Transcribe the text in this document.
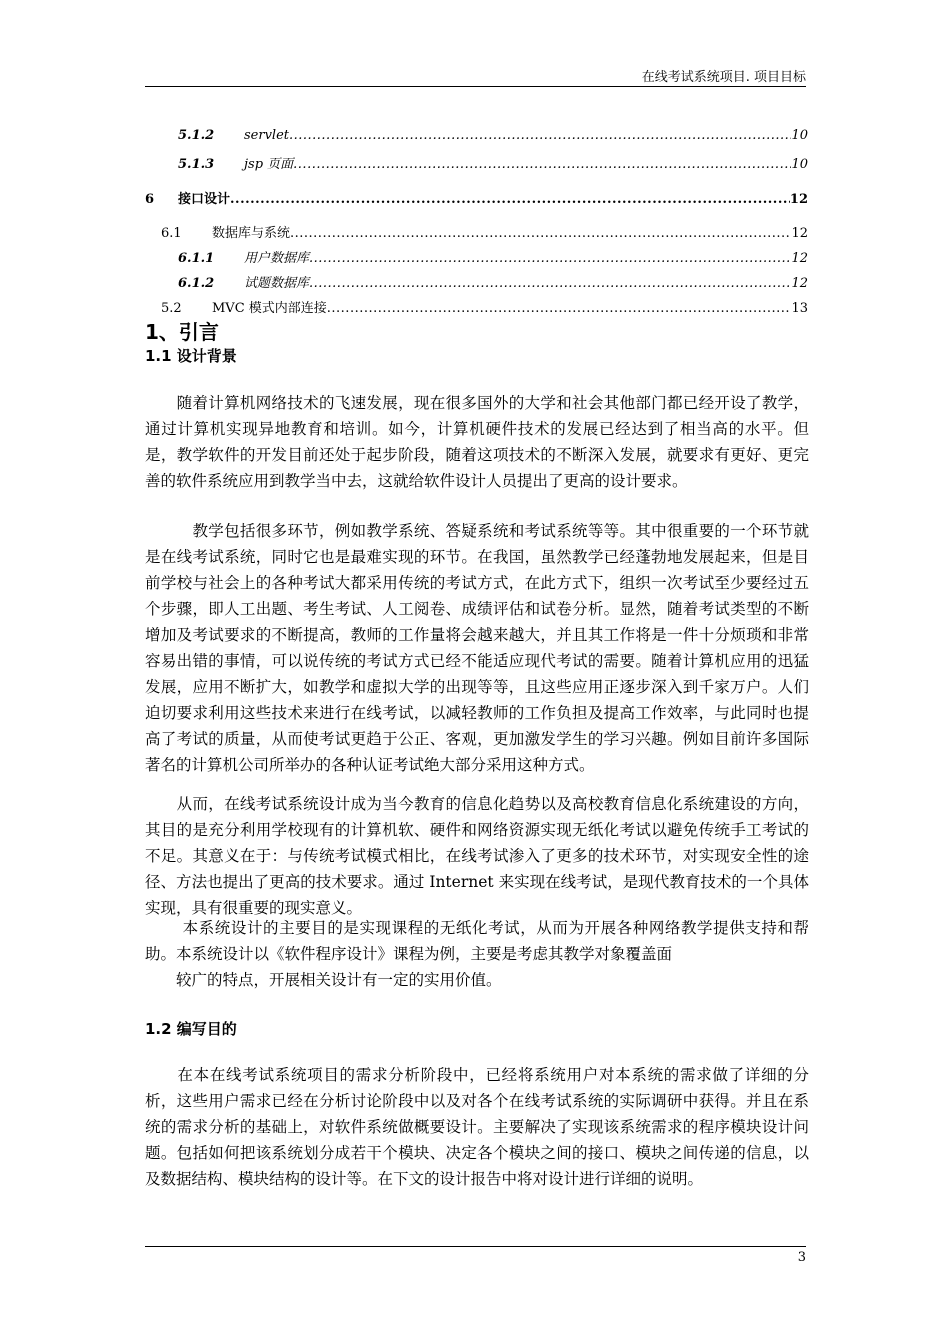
在线考试系统项目. 项目目标
5.1.2	servlet .....	10
5.1.3	jsp 页面 .....	10
6	接口设计 .....	12
6.1	数据库与系统 .....	12
6.1.1	用户数据库 .....	12
6.1.2	试题数据库 .....	12
5.2	MVC 模式内部连接 .....	13
1、引言
1.1 设计背景
　　随着计算机网络技术的飞速发展，现在很多国外的大学和社会其他部门都已经开设了教学，通过计算机实现异地教育和培训。如今，计算机硬件技术的发展已经达到了相当高的水平。但是，教学软件的开发目前还处于起步阶段，随着这项技术的不断深入发展，就要求有更好、更完善的软件系统应用到教学当中去，这就给软件设计人员提出了更高的设计要求。
　　　教学包括很多环节，例如教学系统、答疑系统和考试系统等等。其中很重要的一个环节就是在线考试系统，同时它也是最难实现的环节。在我国，虽然教学已经蓬勃地发展起来，但是目前学校与社会上的各种考试大都采用传统的考试方式，在此方式下，组织一次考试至少要经过五个步骤，即人工出题、考生考试、人工阅卷、成绩评估和试卷分析。显然，随着考试类型的不断增加及考试要求的不断提高，教师的工作量将会越来越大，并且其工作将是一件十分烦琐和非常容易出错的事情，可以说传统的考试方式已经不能适应现代考试的需要。随着计算机应用的迅猛发展，应用不断扩大，如教学和虚拟大学的出现等等，且这些应用正逐步深入到千家万户。人们迫切要求利用这些技术来进行在线考试，以减轻教师的工作负担及提高工作效率，与此同时也提高了考试的质量，从而使考试更趋于公正、客观，更加激发学生的学习兴趣。例如目前许多国际著名的计算机公司所举办的各种认证考试绝大部分采用这种方式。
　　从而，在线考试系统设计成为当今教育的信息化趋势以及高校教育信息化系统建设的方向，其目的是充分利用学校现有的计算机软、硬件和网络资源实现无纸化考试以避免传统手工考试的不足。其意义在于：与传统考试模式相比，在线考试渗入了更多的技术环节，对实现安全性的途径、方法也提出了更高的技术要求。通过 Internet 来实现在线考试，是现代教育技术的一个具体实现，具有很重要的现实意义。
　　 本系统设计的主要目的是实现课程的无纸化考试，从而为开展各种网络教学提供支持和帮助。本系统设计以《软件程序设计》课程为例，主要是考虑其教学对象覆盖面
　　较广的特点，开展相关设计有一定的实用价值。
1.2 编写目的
　　在本在线考试系统项目的需求分析阶段中，已经将系统用户对本系统的需求做了详细的分析，这些用户需求已经在分析讨论阶段中以及对各个在线考试系统的实际调研中获得。并且在系统的需求分析的基础上，对软件系统做概要设计。主要解决了实现该系统需求的程序模块设计问题。包括如何把该系统划分成若干个模块、决定各个模块之间的接口、模块之间传递的信息，以及数据结构、模块结构的设计等。在下文的设计报告中将对设计进行详细的说明。
3
